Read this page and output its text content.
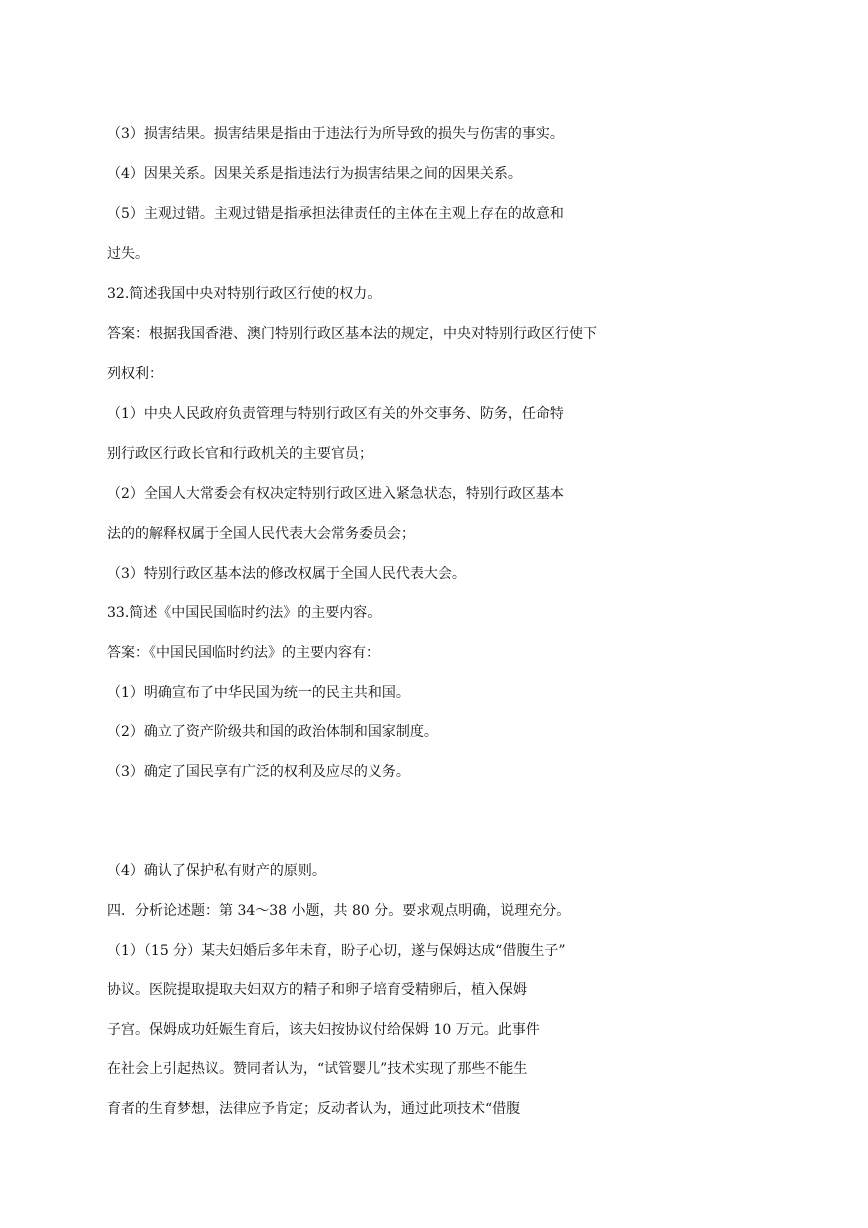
（3）损害结果。损害结果是指由于违法行为所导致的损失与伤害的事实。
（4）因果关系。因果关系是指违法行为损害结果之间的因果关系。
（5）主观过错。主观过错是指承担法律责任的主体在主观上存在的故意和
过失。
32.简述我国中央对特别行政区行使的权力。
答案：根据我国香港、澳门特别行政区基本法的规定，中央对特别行政区行使下
列权利：
（1）中央人民政府负责管理与特别行政区有关的外交事务、防务，任命特
别行政区行政长官和行政机关的主要官员；
（2）全国人大常委会有权决定特别行政区进入紧急状态，特别行政区基本
法的的解释权属于全国人民代表大会常务委员会；
（3）特别行政区基本法的修改权属于全国人民代表大会。
33.简述《中国民国临时约法》的主要内容。
答案：《中国民国临时约法》的主要内容有：
（1）明确宣布了中华民国为统一的民主共和国。
（2）确立了资产阶级共和国的政治体制和国家制度。
（3）确定了国民享有广泛的权利及应尽的义务。
（4）确认了保护私有财产的原则。
四．分析论述题：第 34～38 小题，共 80 分。要求观点明确，说理充分。
（1）（15 分）某夫妇婚后多年未育，盼子心切，遂与保姆达成“借腹生子”
协议。医院提取提取夫妇双方的精子和卵子培育受精卵后，植入保姆
子宫。保姆成功妊娠生育后，该夫妇按协议付给保姆 10 万元。此事件
在社会上引起热议。赞同者认为，“试管婴儿”技术实现了那些不能生
育者的生育梦想，法律应予肯定；反动者认为，通过此项技术“借腹
